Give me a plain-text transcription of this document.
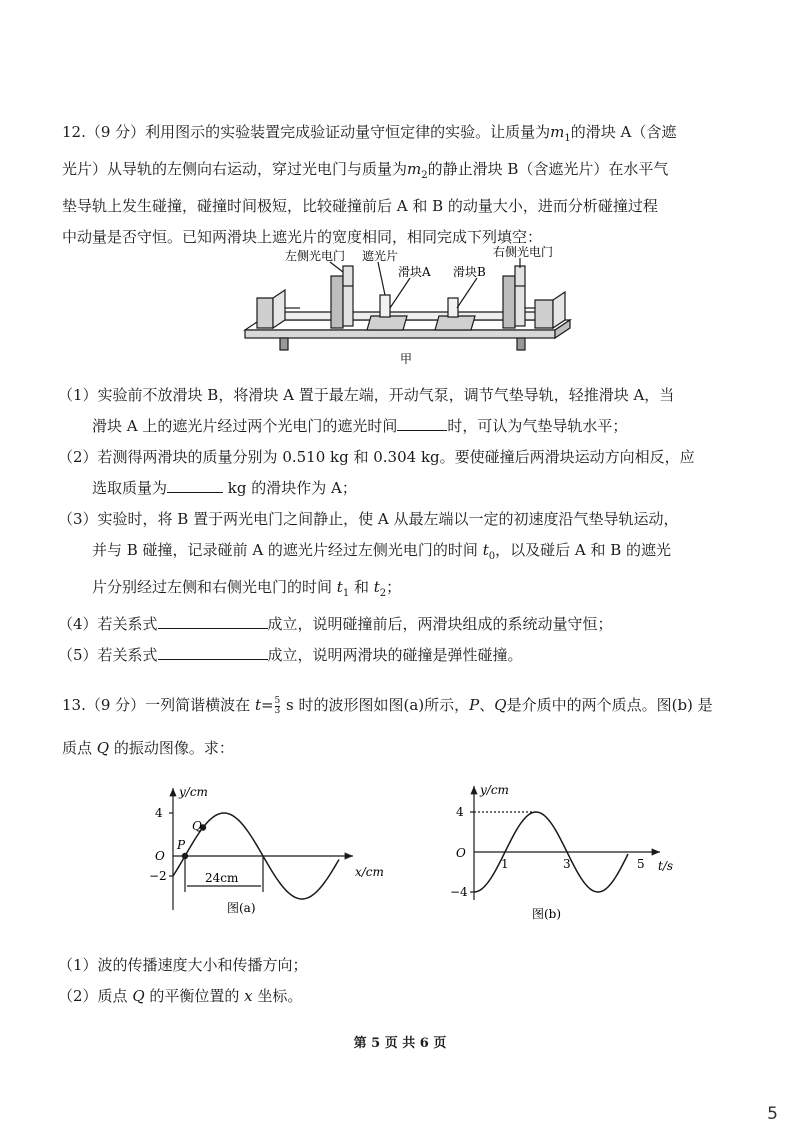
12.（9 分）利用图示的实验装置完成验证动量守恒定律的实验。让质量为$m_1$的滑块 A（含遮
光片）从导轨的左侧向右运动，穿过光电门与质量为$m_2$的静止滑块 B（含遮光片）在水平气
垫导轨上发生碰撞，碰撞时间极短，比较碰撞前后 A 和 B 的动量大小，进而分析碰撞过程
中动量是否守恒。已知两滑块上遮光片的宽度相同，相同完成下列填空：
左侧光电门 遮光片
滑块A 滑块B
右侧光电门
甲
（1）实验前不放滑块 B，将滑块 A 置于最左端，开动气泵，调节气垫导轨，轻推滑块 A，当
滑块 A 上的遮光片经过两个光电门的遮光时间	时，可认为气垫导轨水平；
（2）若测得两滑块的质量分别为 0.510 kg 和 0.304 kg。要使碰撞后两滑块运动方向相反，应
选取质量为	kg 的滑块作为 A；
（3）实验时，将 B 置于两光电门之间静止，使 A 从最左端以一定的初速度沿气垫导轨运动，
并与 B 碰撞，记录碰前 A 的遮光片经过左侧光电门的时间 $t_0$，以及碰后 A 和 B 的遮光
片分别经过左侧和右侧光电门的时间 $t_1$ 和 $t_2$；
（4）若关系式	成立，说明碰撞前后，两滑块组成的系统动量守恒；
（5）若关系式	成立，说明两滑块的碰撞是弹性碰撞。
13.（9 分）一列简谐横波在 $t= \frac{5}{3}$ s 时的波形图如图(a)所示，P、Q是介质中的两个质点。图(b) 是
质点 Q 的振动图像。求：
y/cm
x/cm
4
O
−2
Q
P
24cm
图(a)
y/cm
t/s
4
O
−4
1	3	5
图(b)
（1）波的传播速度大小和传播方向；
（2）质点 Q 的平衡位置的 x 坐标。
第 5 页 共 6 页
5
